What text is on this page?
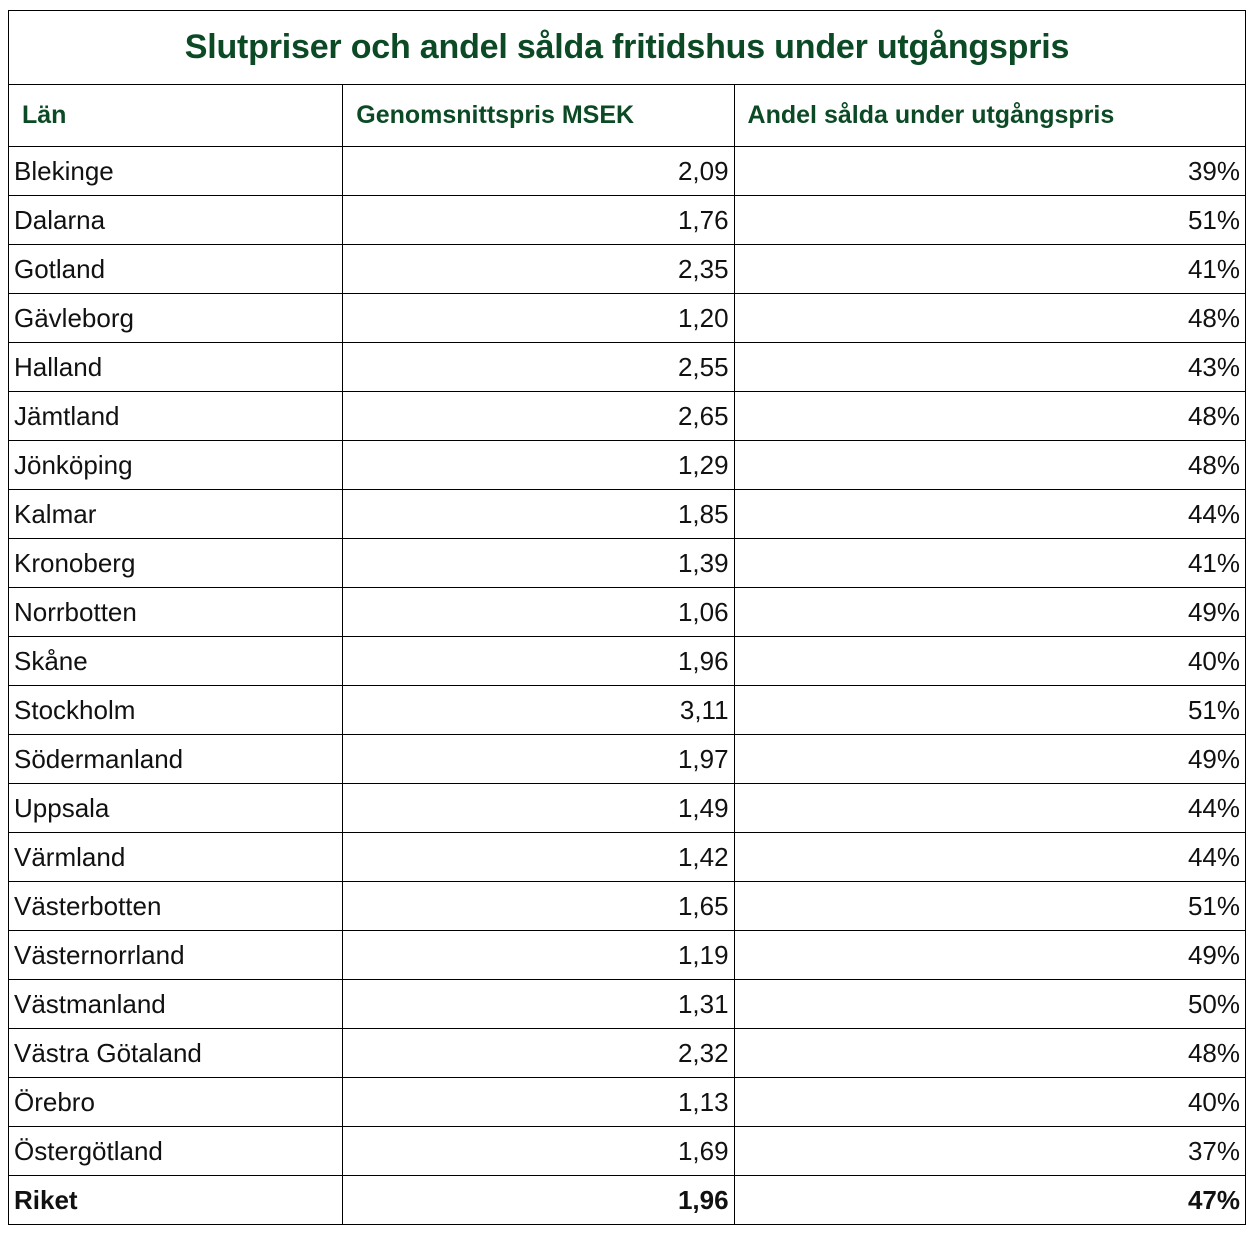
Slutpriser och andel sålda fritidshus under utgångspris		
Län	Genomsnittspris MSEK	Andel sålda under utgångspris
Blekinge	2,09	39%
Dalarna	1,76	51%
Gotland	2,35	41%
Gävleborg	1,20	48%
Halland	2,55	43%
Jämtland	2,65	48%
Jönköping	1,29	48%
Kalmar	1,85	44%
Kronoberg	1,39	41%
Norrbotten	1,06	49%
Skåne	1,96	40%
Stockholm	3,11	51%
Södermanland	1,97	49%
Uppsala	1,49	44%
Värmland	1,42	44%
Västerbotten	1,65	51%
Västernorrland	1,19	49%
Västmanland	1,31	50%
Västra Götaland	2,32	48%
Örebro	1,13	40%
Östergötland	1,69	37%
Riket	1,96	47%
